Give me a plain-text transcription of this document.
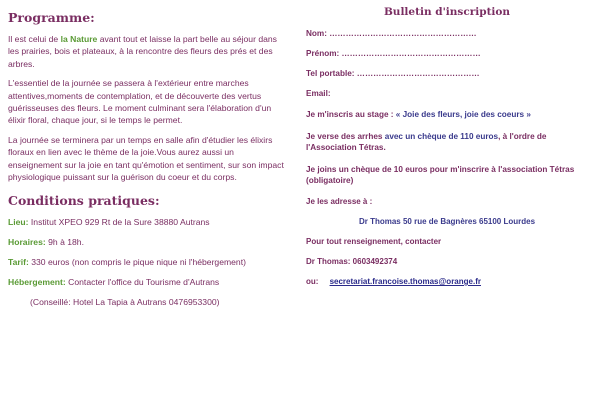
Programme:

Il est celui de la Nature avant tout et laisse la part belle au séjour dans les prairies, bois et plateaux, à la rencontre des fleurs des prés et des arbres.

L'essentiel de la journée se passera à l'extérieur entre marches attentives,moments de contemplation, et de découverte des vertus guérisseuses des fleurs. Le moment culminant sera l'élaboration d'un élixir floral, chaque jour, si le temps le permet.

La journée se terminera par un temps en salle afin d'étudier les élixirs floraux en lien avec le thème de la joie.Vous aurez aussi un enseignement sur la joie en tant qu'émotion et sentiment, sur son impact physiologique puissant sur la guérison du coeur et du corps.

Conditions pratiques:

Lieu: Institut XPEO 929 Rt de la Sure 38880 Autrans

Horaires: 9h à 18h.

Tarif: 330 euros (non compris le pique nique ni l'hébergement)

Hébergement: Contacter l'office du Tourisme d'Autrans

(Conseillé: Hotel La Tapia à Autrans 0476953300)

Bulletin d'inscription
Nom: ………………………………………………
Prénom: ……………………………………………
Tel portable: ………………………………………
Email:
Je m'inscris au stage : « Joie des fleurs, joie des coeurs »
Je verse des arrhes avec un chèque de 110 euros, à l'ordre de l'Association Tétras.
Je joins un chèque de 10 euros pour m'inscrire à l'association Tétras (obligatoire)
Je les adresse à :
Dr Thomas 50 rue de Bagnères 65100 Lourdes
Pour tout renseignement, contacter
Dr Thomas: 0603492374
ou: secretariat.francoise.thomas@orange.fr
